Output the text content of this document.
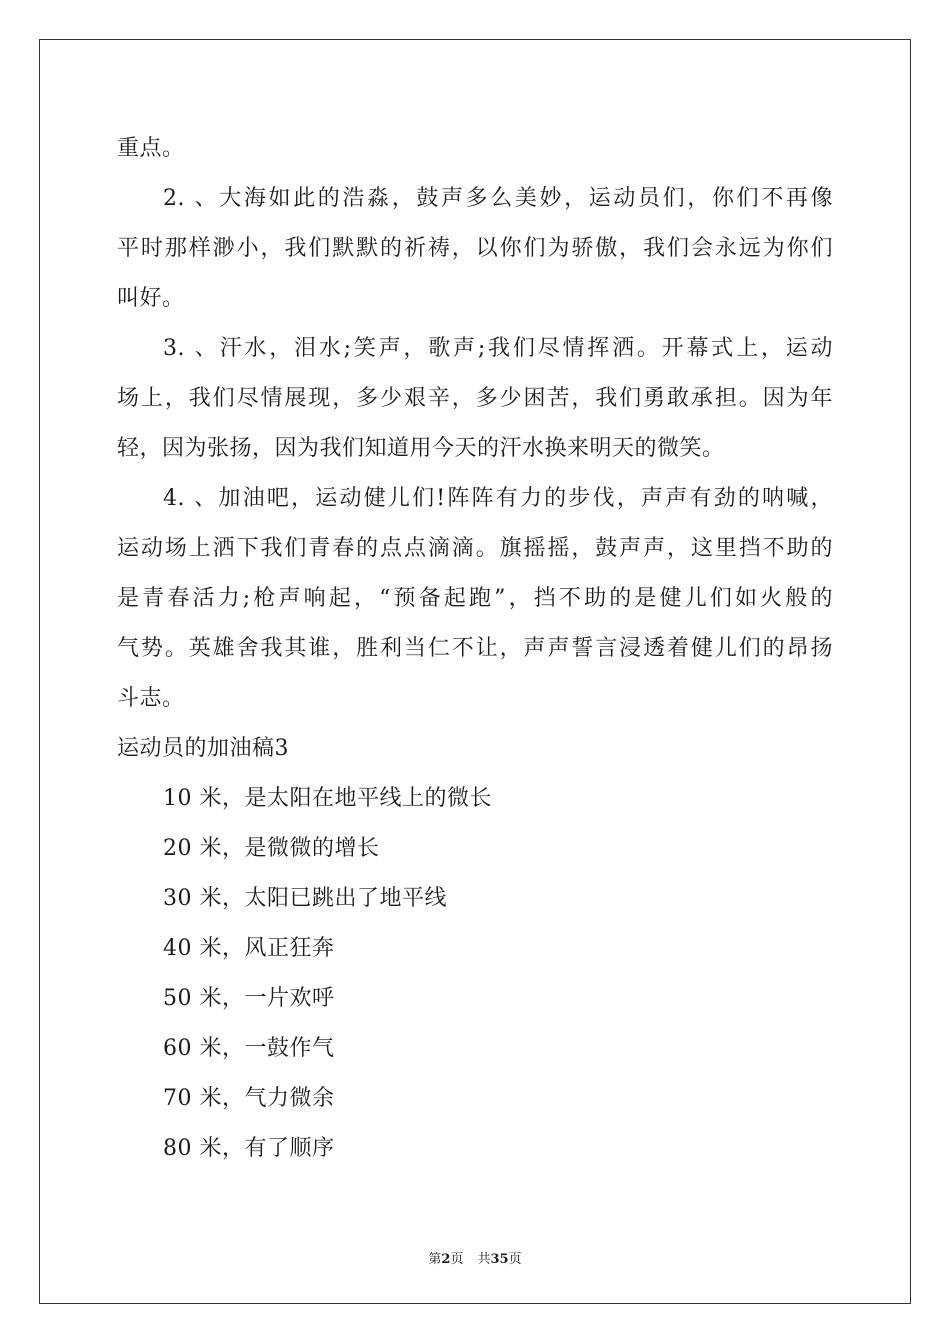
重点。
2. 、大海如此的浩淼，鼓声多么美妙，运动员们，你们不再像
平时那样渺小，我们默默的祈祷，以你们为骄傲，我们会永远为你们
叫好。
3. 、汗水，泪水;笑声，歌声;我们尽情挥洒。开幕式上，运动
场上，我们尽情展现，多少艰辛，多少困苦，我们勇敢承担。因为年
轻，因为张扬，因为我们知道用今天的汗水换来明天的微笑。
4. 、加油吧，运动健儿们!阵阵有力的步伐，声声有劲的呐喊，
运动场上洒下我们青春的点点滴滴。旗摇摇，鼓声声，这里挡不助的
是青春活力;枪声响起，“预备起跑”，挡不助的是健儿们如火般的
气势。英雄舍我其谁，胜利当仁不让，声声誓言浸透着健儿们的昂扬
斗志。
运动员的加油稿3
10 米，是太阳在地平线上的微长
20 米，是微微的增长
30 米，太阳已跳出了地平线
40 米，风正狂奔
50 米，一片欢呼
60 米，一鼓作气
70 米，气力微余
80 米，有了顺序
第2页 共35页
